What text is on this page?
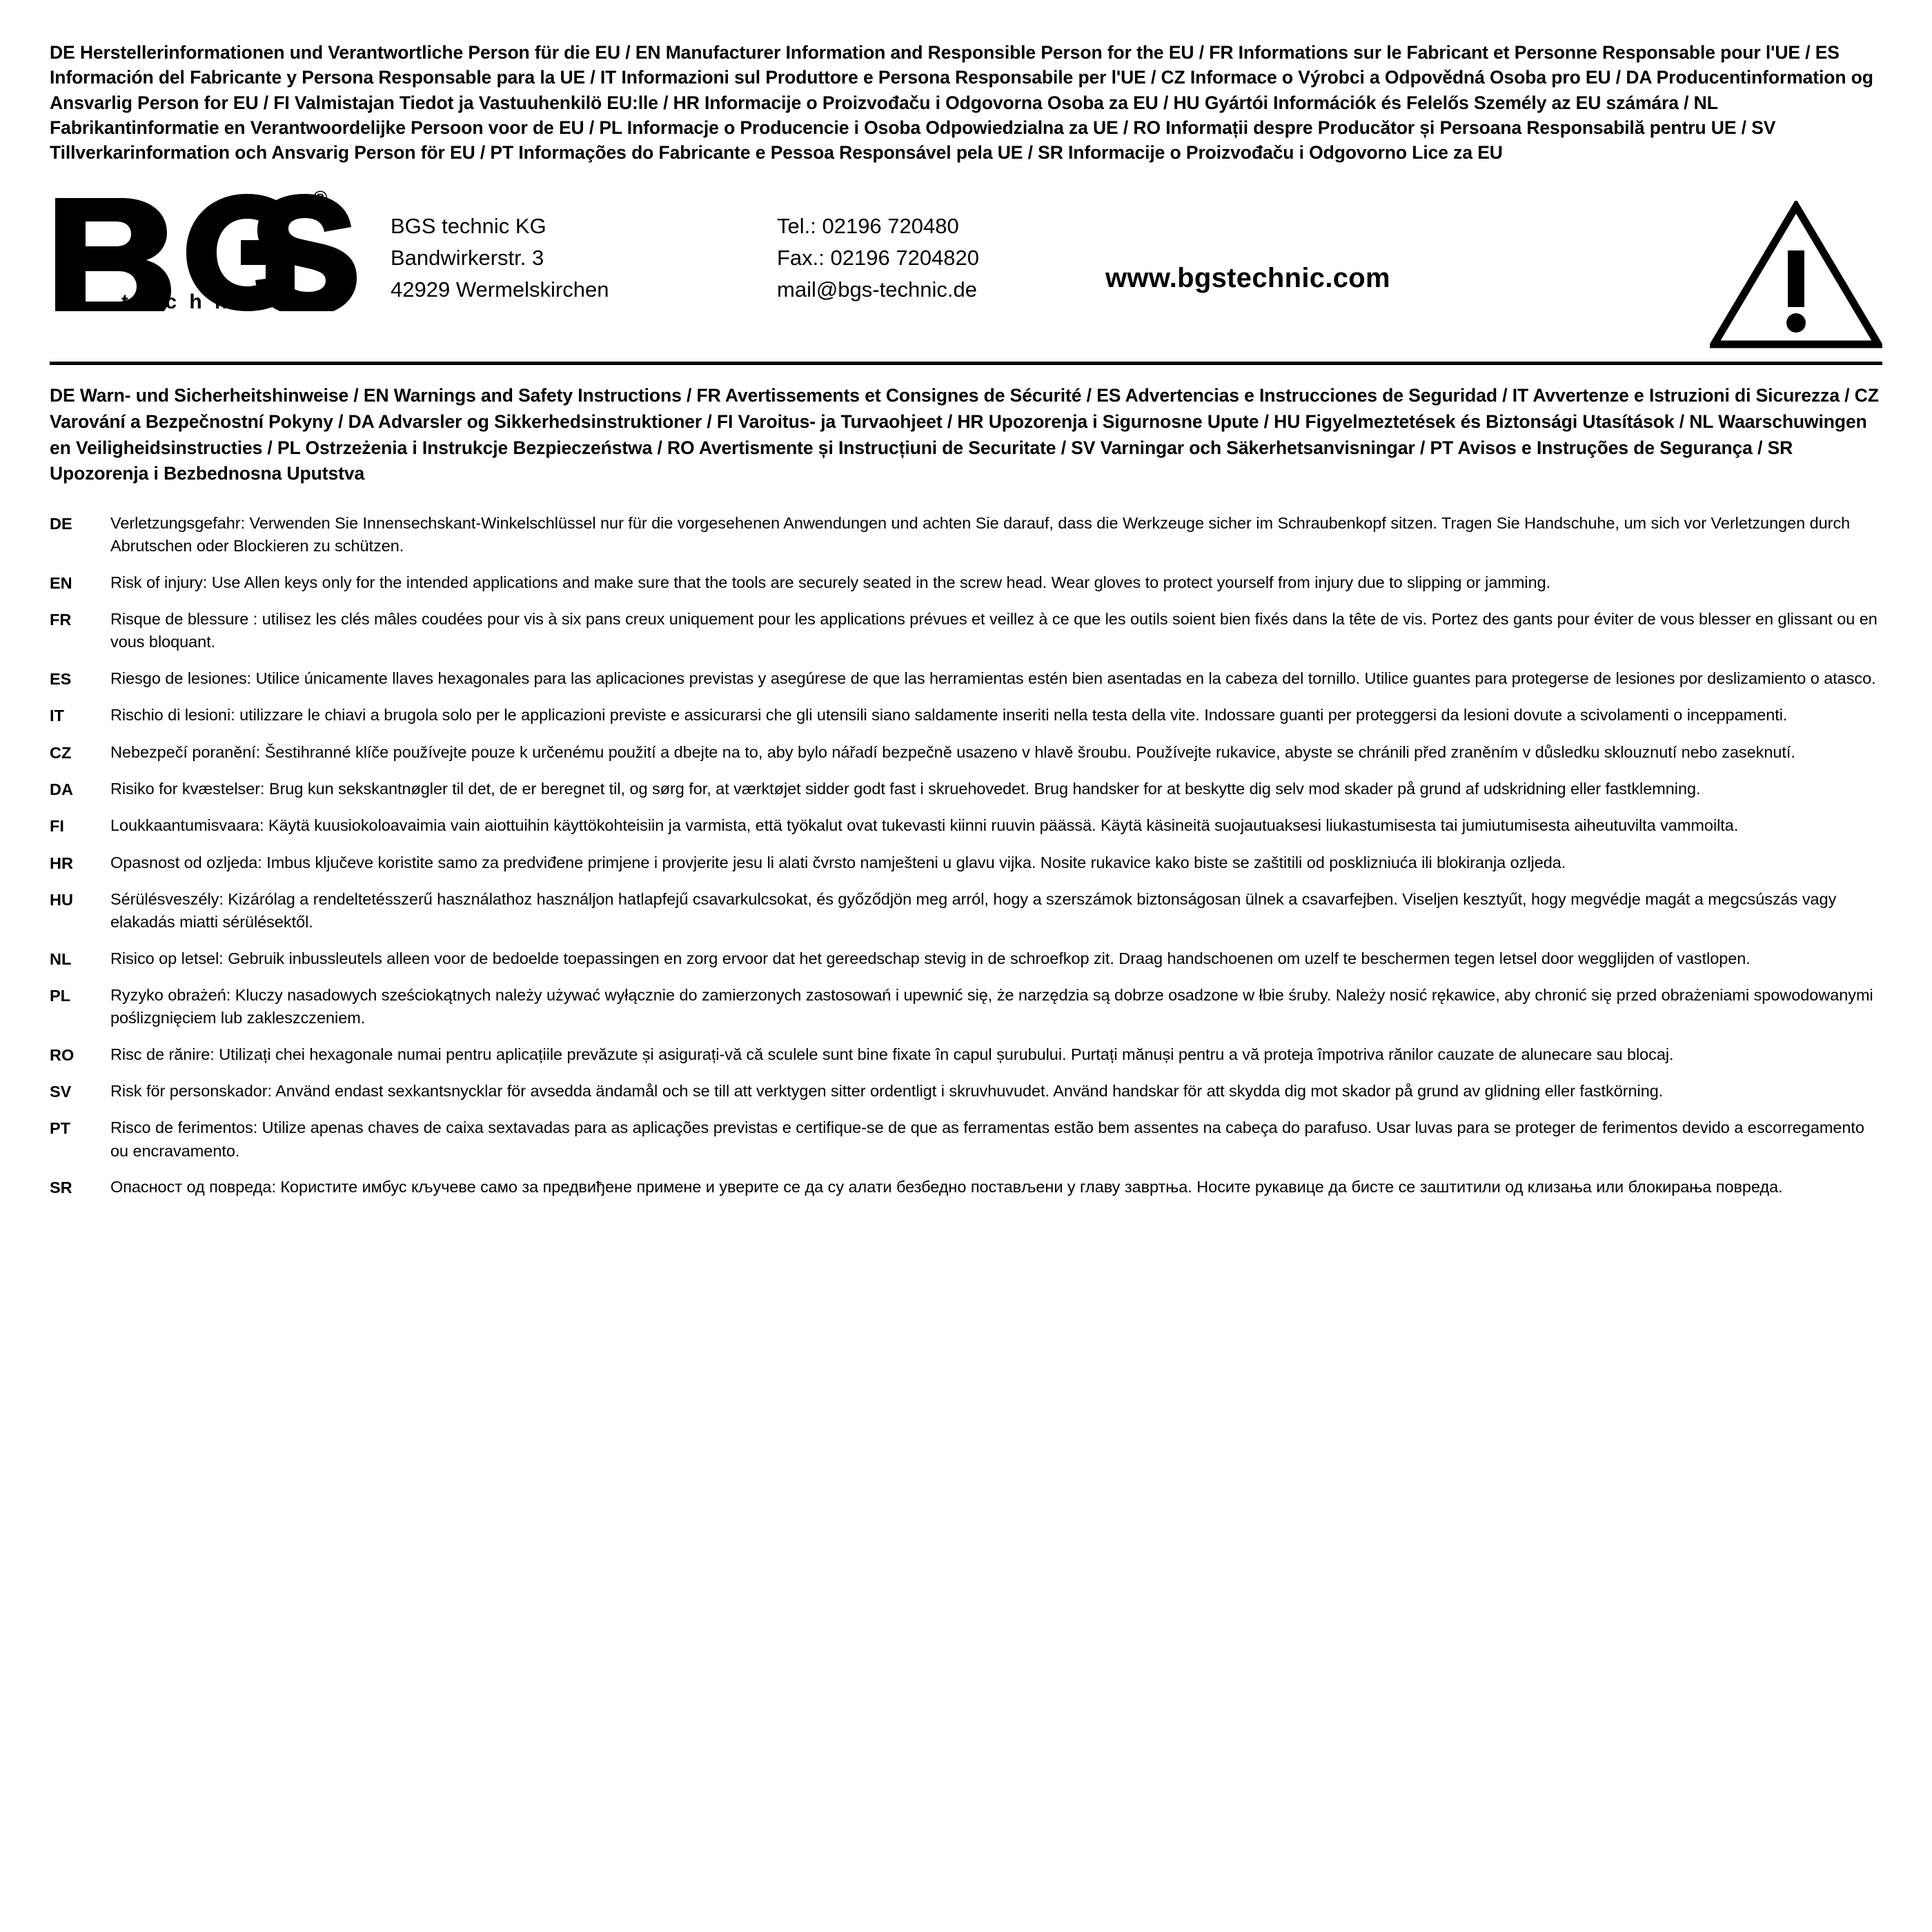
DE Herstellerinformationen und Verantwortliche Person für die EU / EN Manufacturer Information and Responsible Person for the EU / FR Informations sur le Fabricant et Personne Responsable pour l'UE / ES Información del Fabricante y Persona Responsable para la UE / IT Informazioni sul Produttore e Persona Responsabile per l'UE / CZ Informace o Výrobci a Odpovědná Osoba pro EU / DA Producentinformation og Ansvarlig Person for EU / FI Valmistajan Tiedot ja Vastuuhenkilö EU:lle / HR Informacije o Proizvođaču i Odgovorna Osoba za EU / HU Gyártói Információk és Felelős Személy az EU számára / NL Fabrikantinformatie en Verantwoordelijke Persoon voor de EU / PL Informacje o Producencie i Osoba Odpowiedzialna za UE / RO Informații despre Producător și Persoana Responsabilă pentru UE / SV Tillverkarinformation och Ansvarig Person för EU / PT Informações do Fabricante e Pessoa Responsável pela UE / SR Informacije o Proizvođaču i Odgovorno Lice za EU
®
t e c h n i c
BGS technic KG
Bandwirkerstr. 3
42929 Wermelskirchen
Tel.: 02196 720480
Fax.: 02196 7204820
mail@bgs-technic.de	www.bgstechnic.com
DE Warn- und Sicherheitshinweise / EN Warnings and Safety Instructions / FR Avertissements et Consignes de Sécurité / ES Advertencias e Instrucciones de Seguridad / IT Avvertenze e Istruzioni di Sicurezza / CZ Varování a Bezpečnostní Pokyny / DA Advarsler og Sikkerhedsinstruktioner / FI Varoitus- ja Turvaohjeet / HR Upozorenja i Sigurnosne Upute / HU Figyelmeztetések és Biztonsági Utasítások / NL Waarschuwingen en Veiligheidsinstructies / PL Ostrzeżenia i Instrukcje Bezpieczeństwa / RO Avertismente și Instrucțiuni de Securitate / SV Varningar och Säkerhetsanvisningar / PT Avisos e Instruções de Segurança / SR Upozorenja i Bezbednosna Uputstva
DE	Verletzungsgefahr: Verwenden Sie Innensechskant-Winkelschlüssel nur für die vorgesehenen Anwendungen und achten Sie darauf, dass die Werkzeuge sicher im Schraubenkopf sitzen. Tragen Sie Handschuhe, um sich vor Verletzungen durch Abrutschen oder Blockieren zu schützen.
EN	Risk of injury: Use Allen keys only for the intended applications and make sure that the tools are securely seated in the screw head. Wear gloves to protect yourself from injury due to slipping or jamming.
FR	Risque de blessure : utilisez les clés mâles coudées pour vis à six pans creux uniquement pour les applications prévues et veillez à ce que les outils soient bien fixés dans la tête de vis. Portez des gants pour éviter de vous blesser en glissant ou en vous bloquant.
ES	Riesgo de lesiones: Utilice únicamente llaves hexagonales para las aplicaciones previstas y asegúrese de que las herramientas estén bien asentadas en la cabeza del tornillo. Utilice guantes para protegerse de lesiones por deslizamiento o atasco.
IT	Rischio di lesioni: utilizzare le chiavi a brugola solo per le applicazioni previste e assicurarsi che gli utensili siano saldamente inseriti nella testa della vite. Indossare guanti per proteggersi da lesioni dovute a scivolamenti o inceppamenti.
CZ	Nebezpečí poranění: Šestihranné klíče používejte pouze k určenému použití a dbejte na to, aby bylo nářadí bezpečně usazeno v hlavě šroubu. Používejte rukavice, abyste se chránili před zraněním v důsledku sklouznutí nebo zaseknutí.
DA	Risiko for kvæstelser: Brug kun sekskantnøgler til det, de er beregnet til, og sørg for, at værktøjet sidder godt fast i skruehovedet. Brug handsker for at beskytte dig selv mod skader på grund af udskridning eller fastklemning.
FI	Loukkaantumisvaara: Käytä kuusiokoloavaimia vain aiottuihin käyttökohteisiin ja varmista, että työkalut ovat tukevasti kiinni ruuvin päässä. Käytä käsineitä suojautuaksesi liukastumisesta tai jumiutumisesta aiheutuvilta vammoilta.
HR	Opasnost od ozljeda: Imbus ključeve koristite samo za predviđene primjene i provjerite jesu li alati čvrsto namješteni u glavu vijka. Nosite rukavice kako biste se zaštitili od posklizniuća ili blokiranja ozljeda.
HU	Sérülésveszély: Kizárólag a rendeltetésszerű használathoz használjon hatlapfejű csavarkulcsokat, és győződjön meg arról, hogy a szerszámok biztonságosan ülnek a csavarfejben. Viseljen kesztyűt, hogy megvédje magát a megcsúszás vagy elakadás miatti sérülésektől.
NL	Risico op letsel: Gebruik inbussleutels alleen voor de bedoelde toepassingen en zorg ervoor dat het gereedschap stevig in de schroefkop zit. Draag handschoenen om uzelf te beschermen tegen letsel door wegglijden of vastlopen.
PL	Ryzyko obrażeń: Kluczy nasadowych sześciokątnych należy używać wyłącznie do zamierzonych zastosowań i upewnić się, że narzędzia są dobrze osadzone w łbie śruby. Należy nosić rękawice, aby chronić się przed obrażeniami spowodowanymi poślizgnięciem lub zakleszczeniem.
RO	Risc de rănire: Utilizați chei hexagonale numai pentru aplicațiile prevăzute și asigurați-vă că sculele sunt bine fixate în capul șurubului. Purtați mănuși pentru a vă proteja împotriva rănilor cauzate de alunecare sau blocaj.
SV	Risk för personskador: Använd endast sexkantsnycklar för avsedda ändamål och se till att verktygen sitter ordentligt i skruvhuvudet. Använd handskar för att skydda dig mot skador på grund av glidning eller fastkörning.
PT	Risco de ferimentos: Utilize apenas chaves de caixa sextavadas para as aplicações previstas e certifique-se de que as ferramentas estão bem assentes na cabeça do parafuso. Usar luvas para se proteger de ferimentos devido a escorregamento ou encravamento.
SR	Опасност од повреда: Користите имбус кључеве само за предвиђене примене и уверите се да су алати безбедно постављени у главу завртња. Носите рукавице да бисте се заштитили од клизања или блокирања повреда.
